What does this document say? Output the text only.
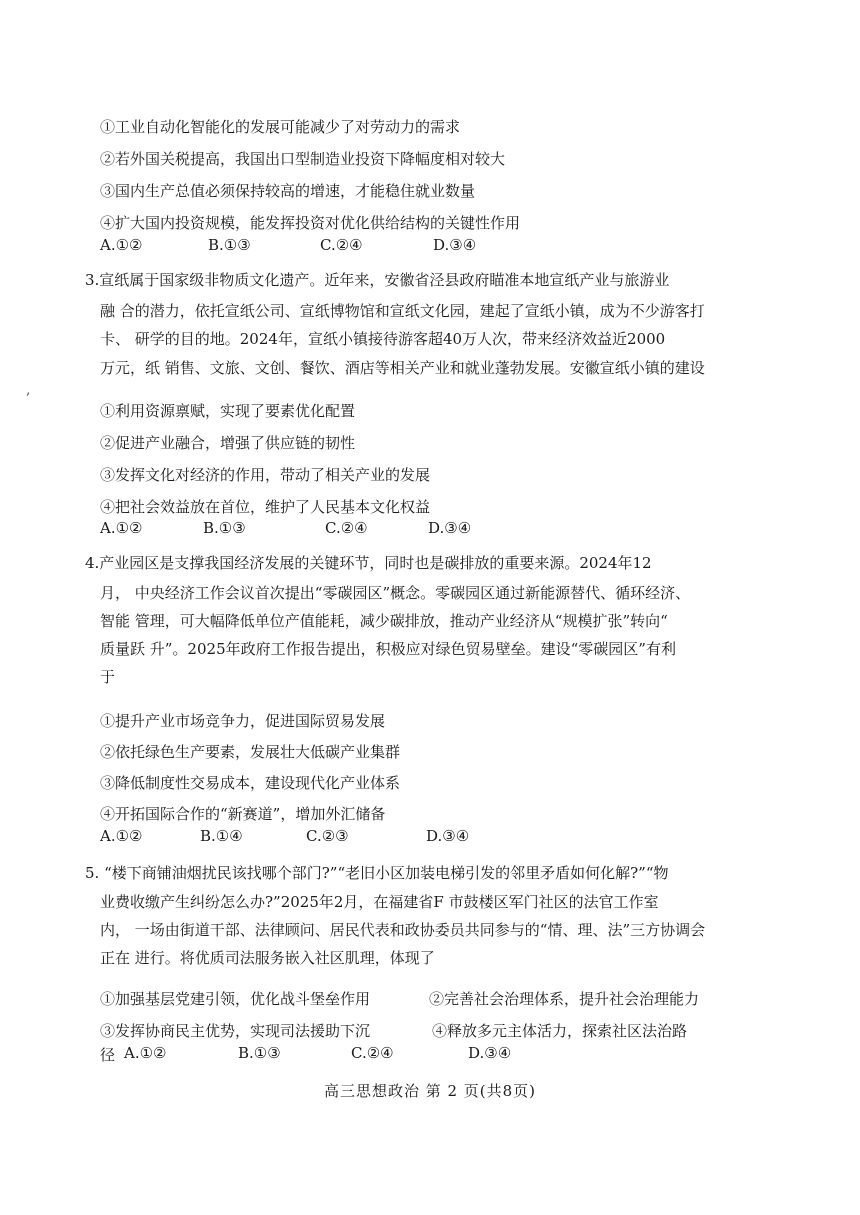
①工业自动化智能化的发展可能减少了对劳动力的需求
②若外国关税提高，我国出口型制造业投资下降幅度相对较大
③国内生产总值必须保持较高的增速，才能稳住就业数量
④扩大国内投资规模，能发挥投资对优化供给结构的关键性作用
A.①②	B.①③	C.②④	D.③④
3.宣纸属于国家级非物质文化遗产。近年来，安徽省泾县政府瞄准本地宣纸产业与旅游业
融 合的潜力，依托宣纸公司、宣纸博物馆和宣纸文化园，建起了宣纸小镇，成为不少游客打
卡、 研学的目的地。2024年，宣纸小镇接待游客超40万人次，带来经济效益近2000
万元，纸 销售、文旅、文创、餐饮、酒店等相关产业和就业蓬勃发展。安徽宣纸小镇的建设
,
①利用资源禀赋，实现了要素优化配置
②促进产业融合，增强了供应链的韧性
③发挥文化对经济的作用，带动了相关产业的发展
④把社会效益放在首位，维护了人民基本文化权益
A.①②	B.①③	C.②④	D.③④
4.产业园区是支撑我国经济发展的关键环节，同时也是碳排放的重要来源。2024年12
月， 中央经济工作会议首次提出“零碳园区”概念。零碳园区通过新能源替代、循环经济、
智能 管理，可大幅降低单位产值能耗，减少碳排放，推动产业经济从“规模扩张”转向“
质量跃 升”。2025年政府工作报告提出，积极应对绿色贸易壁垒。建设“零碳园区”有利
于
①提升产业市场竞争力，促进国际贸易发展
②依托绿色生产要素，发展壮大低碳产业集群
③降低制度性交易成本，建设现代化产业体系
④开拓国际合作的“新赛道”，增加外汇储备
A.①②	B.①④	C.②③	D.③④
5. “楼下商铺油烟扰民该找哪个部门?”“老旧小区加装电梯引发的邻里矛盾如何化解?”“物
业费收缴产生纠纷怎么办?”2025年2月，在福建省F 市鼓楼区军门社区的法官工作室
内， 一场由街道干部、法律顾问、居民代表和政协委员共同参与的“情、理、法”三方协调会
正在 进行。将优质司法服务嵌入社区肌理，体现了
①加强基层党建引领，优化战斗堡垒作用	②完善社会治理体系，提升社会治理能力
③发挥协商民主优势，实现司法援助下沉	④释放多元主体活力，探索社区法治路
径 A.①②	B.①③	C.②④	D.③④
高三思想政治 第 2 页(共8页)
